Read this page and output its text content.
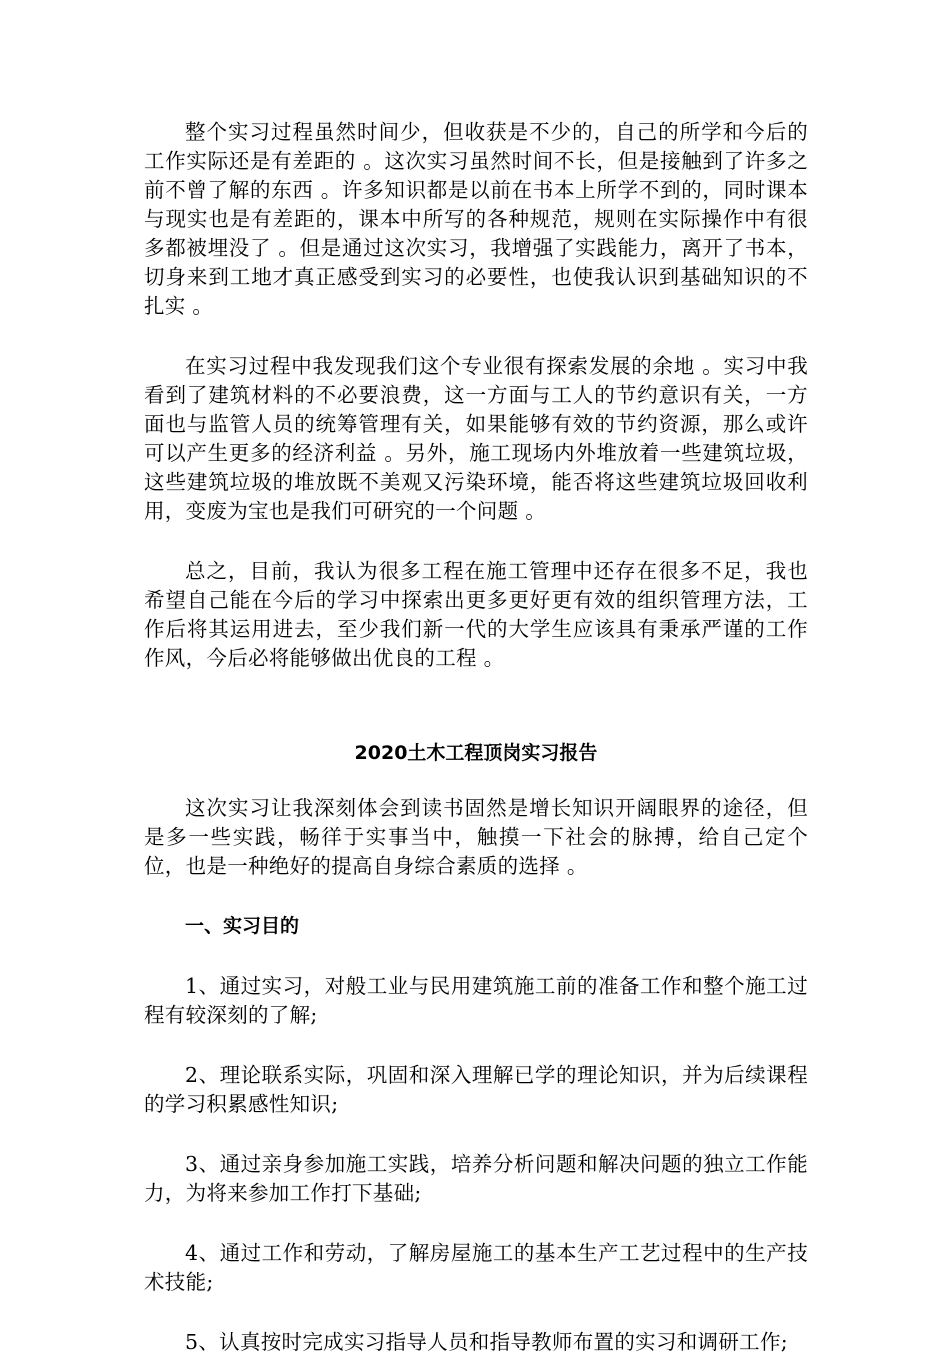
整个实习过程虽然时间少，但收获是不少的，自己的所学和今后的工作实际还是有差距的 。这次实习虽然时间不长，但是接触到了许多之前不曾了解的东西 。许多知识都是以前在书本上所学不到的，同时课本与现实也是有差距的，课本中所写的各种规范，规则在实际操作中有很多都被埋没了 。但是通过这次实习，我增强了实践能力，离开了书本，切身来到工地才真正感受到实习的必要性，也使我认识到基础知识的不扎实 。

在实习过程中我发现我们这个专业很有探索发展的余地 。实习中我看到了建筑材料的不必要浪费，这一方面与工人的节约意识有关，一方面也与监管人员的统筹管理有关，如果能够有效的节约资源，那么或许可以产生更多的经济利益 。另外，施工现场内外堆放着一些建筑垃圾，这些建筑垃圾的堆放既不美观又污染环境，能否将这些建筑垃圾回收利用，变废为宝也是我们可研究的一个问题 。

总之，目前，我认为很多工程在施工管理中还存在很多不足，我也希望自己能在今后的学习中探索出更多更好更有效的组织管理方法，工作后将其运用进去，至少我们新一代的大学生应该具有秉承严谨的工作作风，今后必将能够做出优良的工程 。

2020土木工程顶岗实习报告

这次实习让我深刻体会到读书固然是增长知识开阔眼界的途径，但是多一些实践，畅徉于实事当中，触摸一下社会的脉搏，给自己定个位，也是一种绝好的提高自身综合素质的选择 。

一、实习目的

1、通过实习，对般工业与民用建筑施工前的准备工作和整个施工过程有较深刻的了解;

2、理论联系实际，巩固和深入理解已学的理论知识，并为后续课程的学习积累感性知识;

3、通过亲身参加施工实践，培养分析问题和解决问题的独立工作能力，为将来参加工作打下基础;

4、通过工作和劳动，了解房屋施工的基本生产工艺过程中的生产技术技能;

5、认真按时完成实习指导人员和指导教师布置的实习和调研工作;
